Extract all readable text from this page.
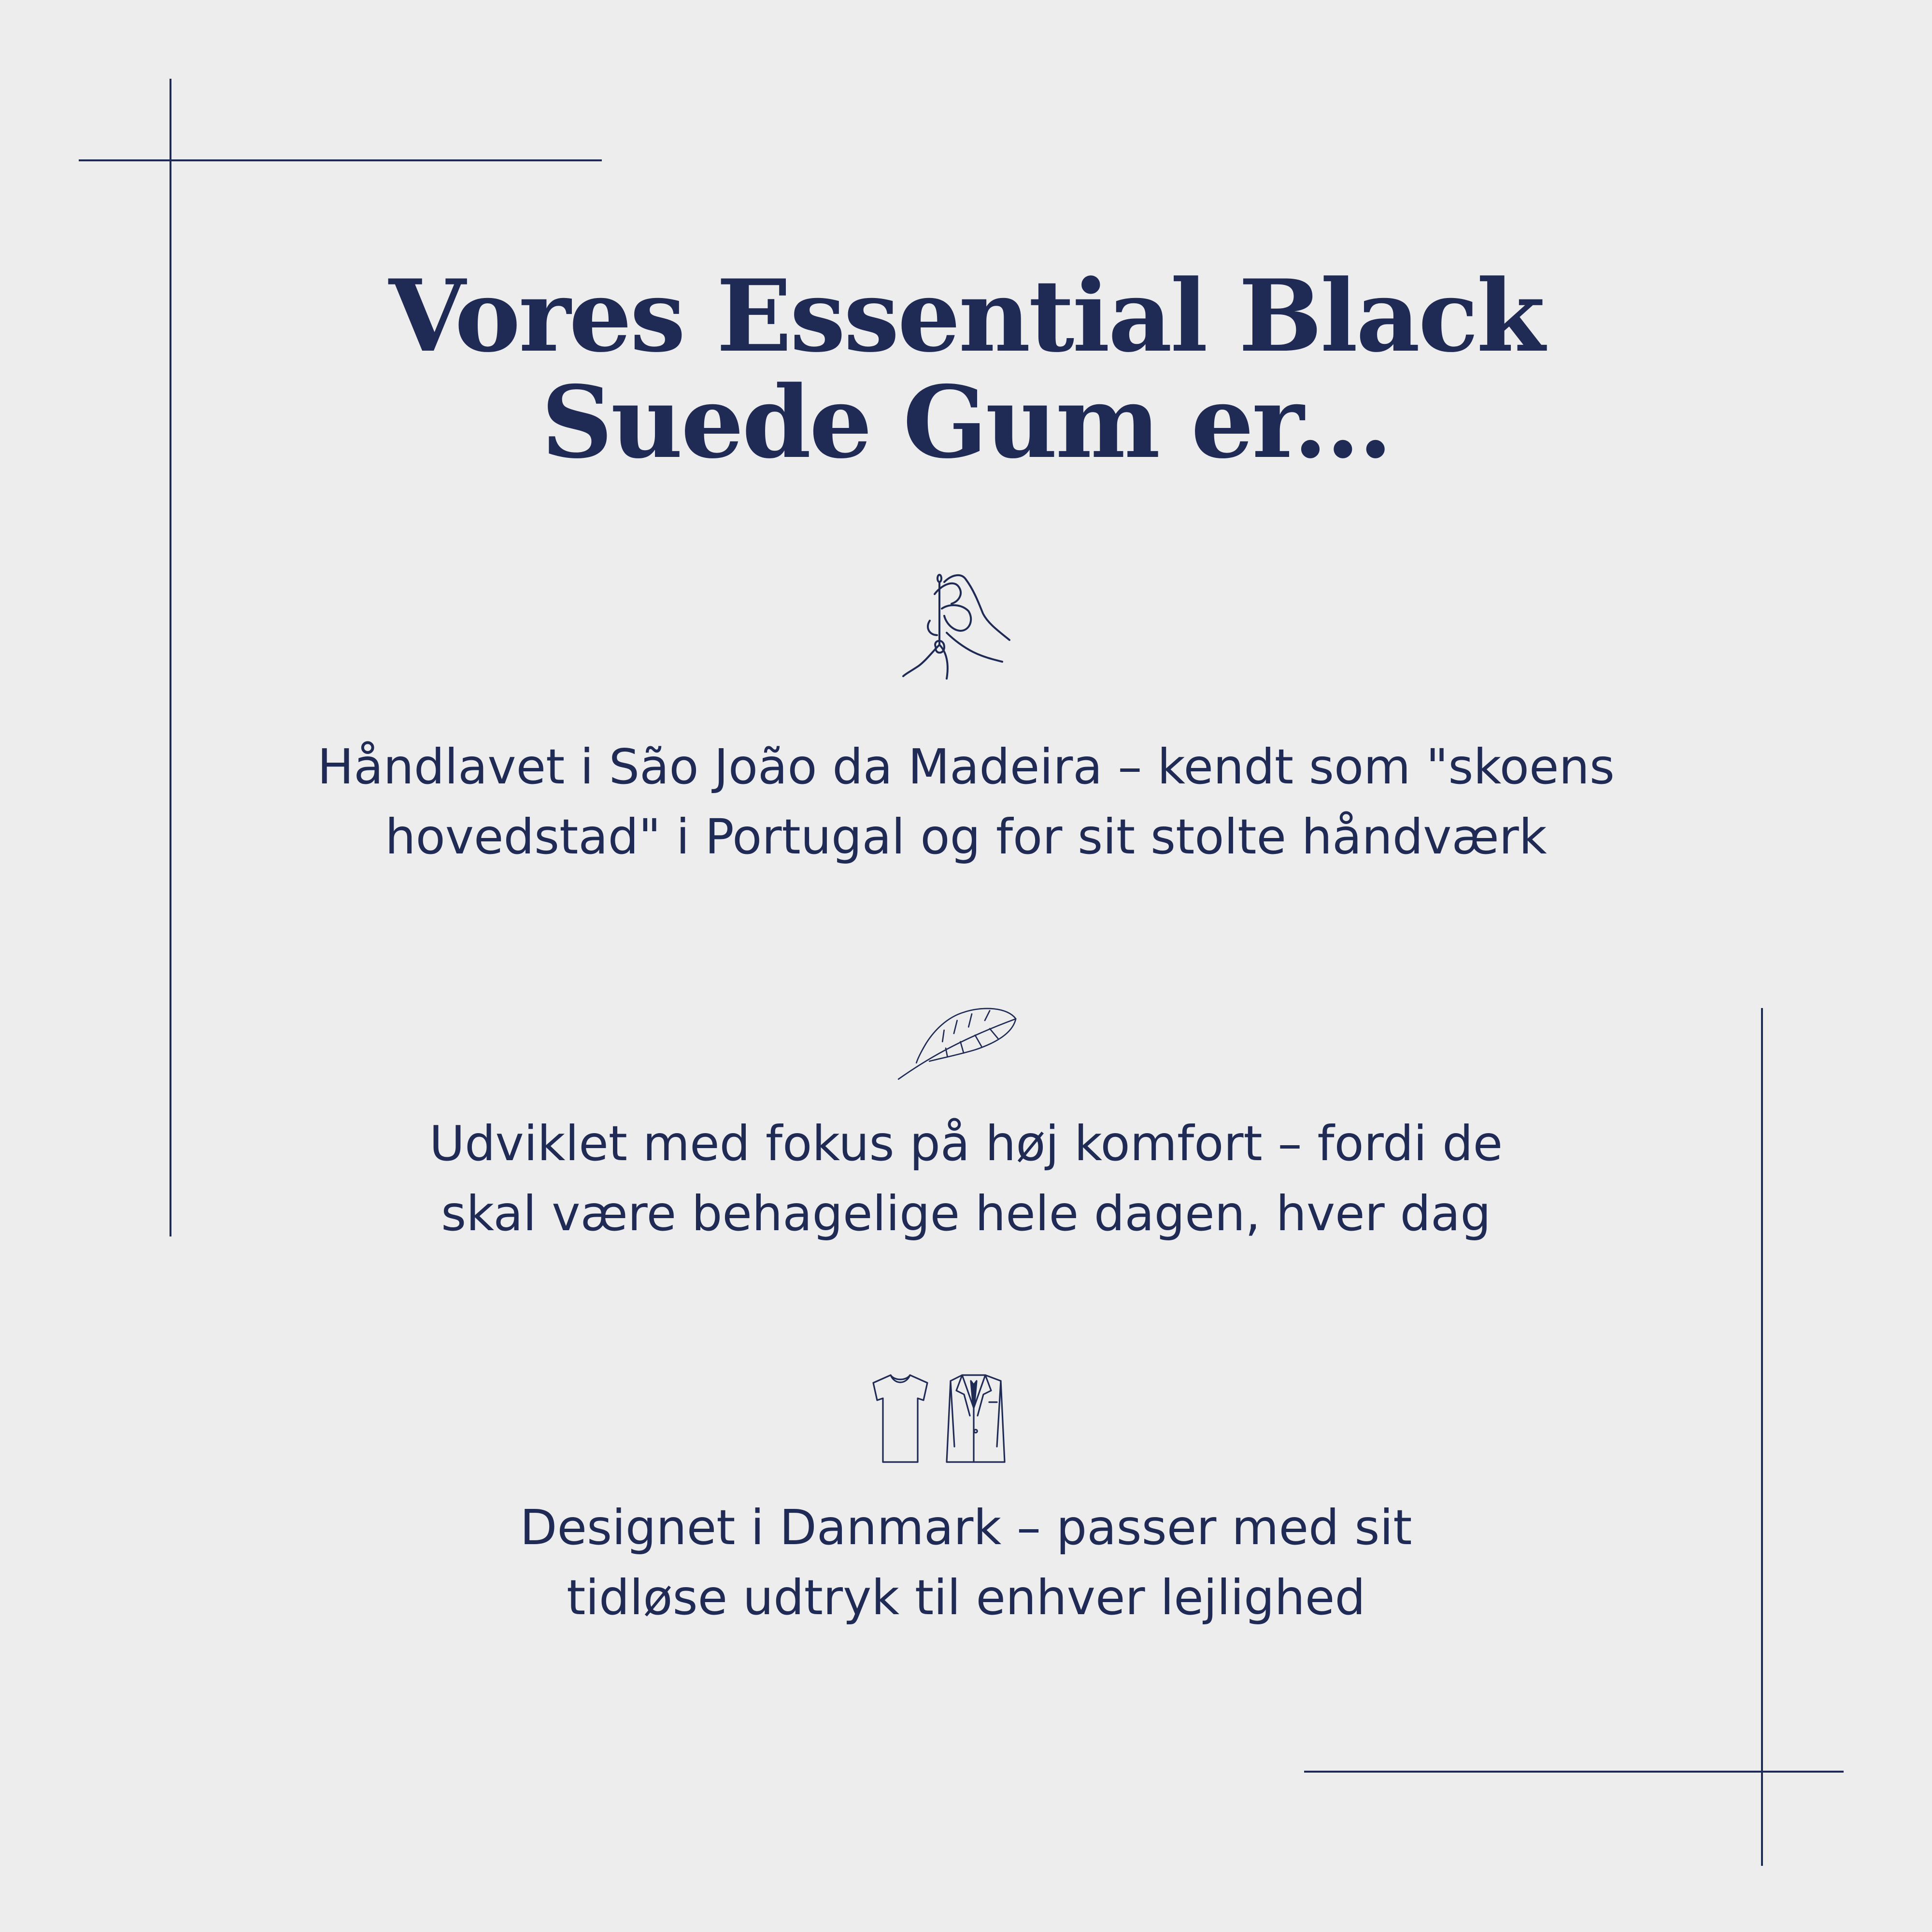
Vores Essential Black
Suede Gum er...

Håndlavet i São João da Madeira – kendt som "skoens
hovedstad" i Portugal og for sit stolte håndværk

Udviklet med fokus på høj komfort – fordi de
skal være behagelige hele dagen, hver dag

Designet i Danmark – passer med sit
tidløse udtryk til enhver lejlighed
